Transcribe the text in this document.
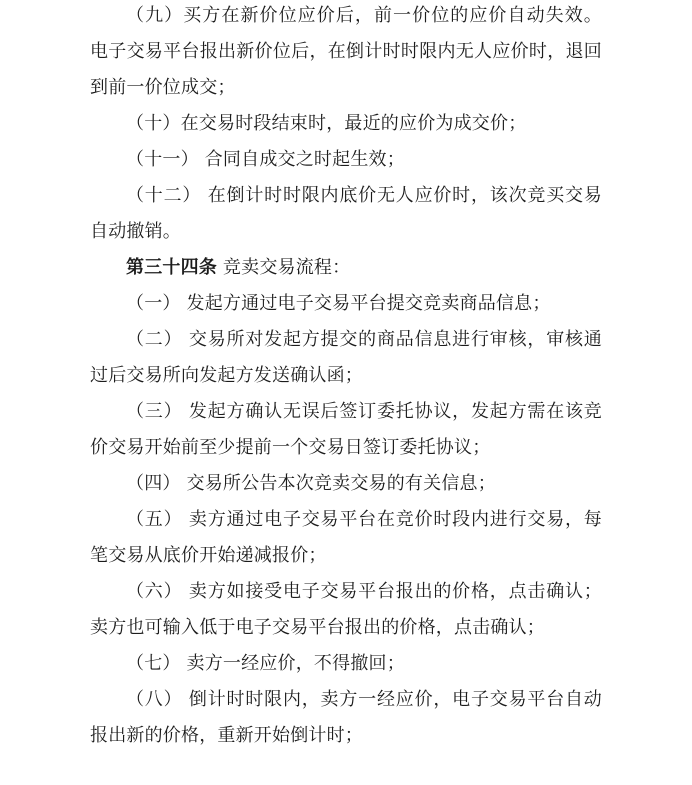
（九）买方在新价位应价后，前一价位的应价自动失效。
电子交易平台报出新价位后，在倒计时时限内无人应价时，退回
到前一价位成交；
（十）在交易时段结束时，最近的应价为成交价；
（十一） 合同自成交之时起生效；
（十二） 在倒计时时限内底价无人应价时，该次竞买交易
自动撤销。
第三十四条 竞卖交易流程：
（一） 发起方通过电子交易平台提交竞卖商品信息；
（二） 交易所对发起方提交的商品信息进行审核，审核通
过后交易所向发起方发送确认函；
（三） 发起方确认无误后签订委托协议，发起方需在该竞
价交易开始前至少提前一个交易日签订委托协议；
（四） 交易所公告本次竞卖交易的有关信息；
（五） 卖方通过电子交易平台在竞价时段内进行交易，每
笔交易从底价开始递减报价；
（六） 卖方如接受电子交易平台报出的价格，点击确认；
卖方也可输入低于电子交易平台报出的价格，点击确认；
（七） 卖方一经应价，不得撤回；
（八） 倒计时时限内，卖方一经应价，电子交易平台自动
报出新的价格，重新开始倒计时；
